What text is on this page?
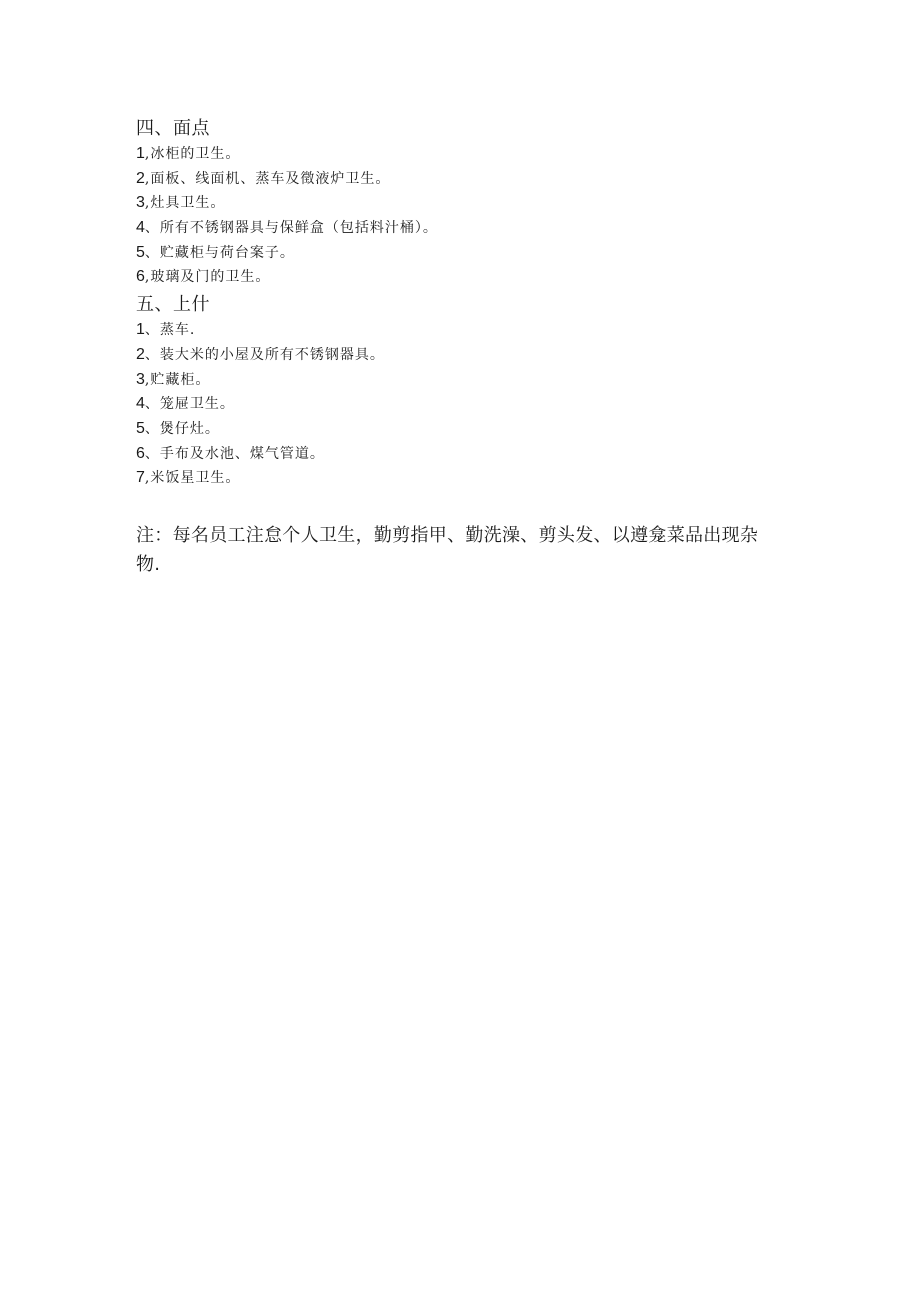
四、面点
1,冰柜的卫生。
2,面板、线面机、蒸车及徵液炉卫生。
3,灶具卫生。
4、所有不锈钢器具与保鲜盒（包括料汁桶）。
5、贮藏柜与荷台案子。
6,玻璃及门的卫生。
五、上什
1、蒸车.
2、装大米的小屋及所有不锈钢器具。
3,贮藏柜。
4、笼屉卫生。
5、煲仔灶。
6、手布及水池、煤气管道。
7,米饭星卫生。

注：每名员工注怠个人卫生，勤剪指甲、勤洗澡、剪头发、以遵龛菜品出现杂物.
